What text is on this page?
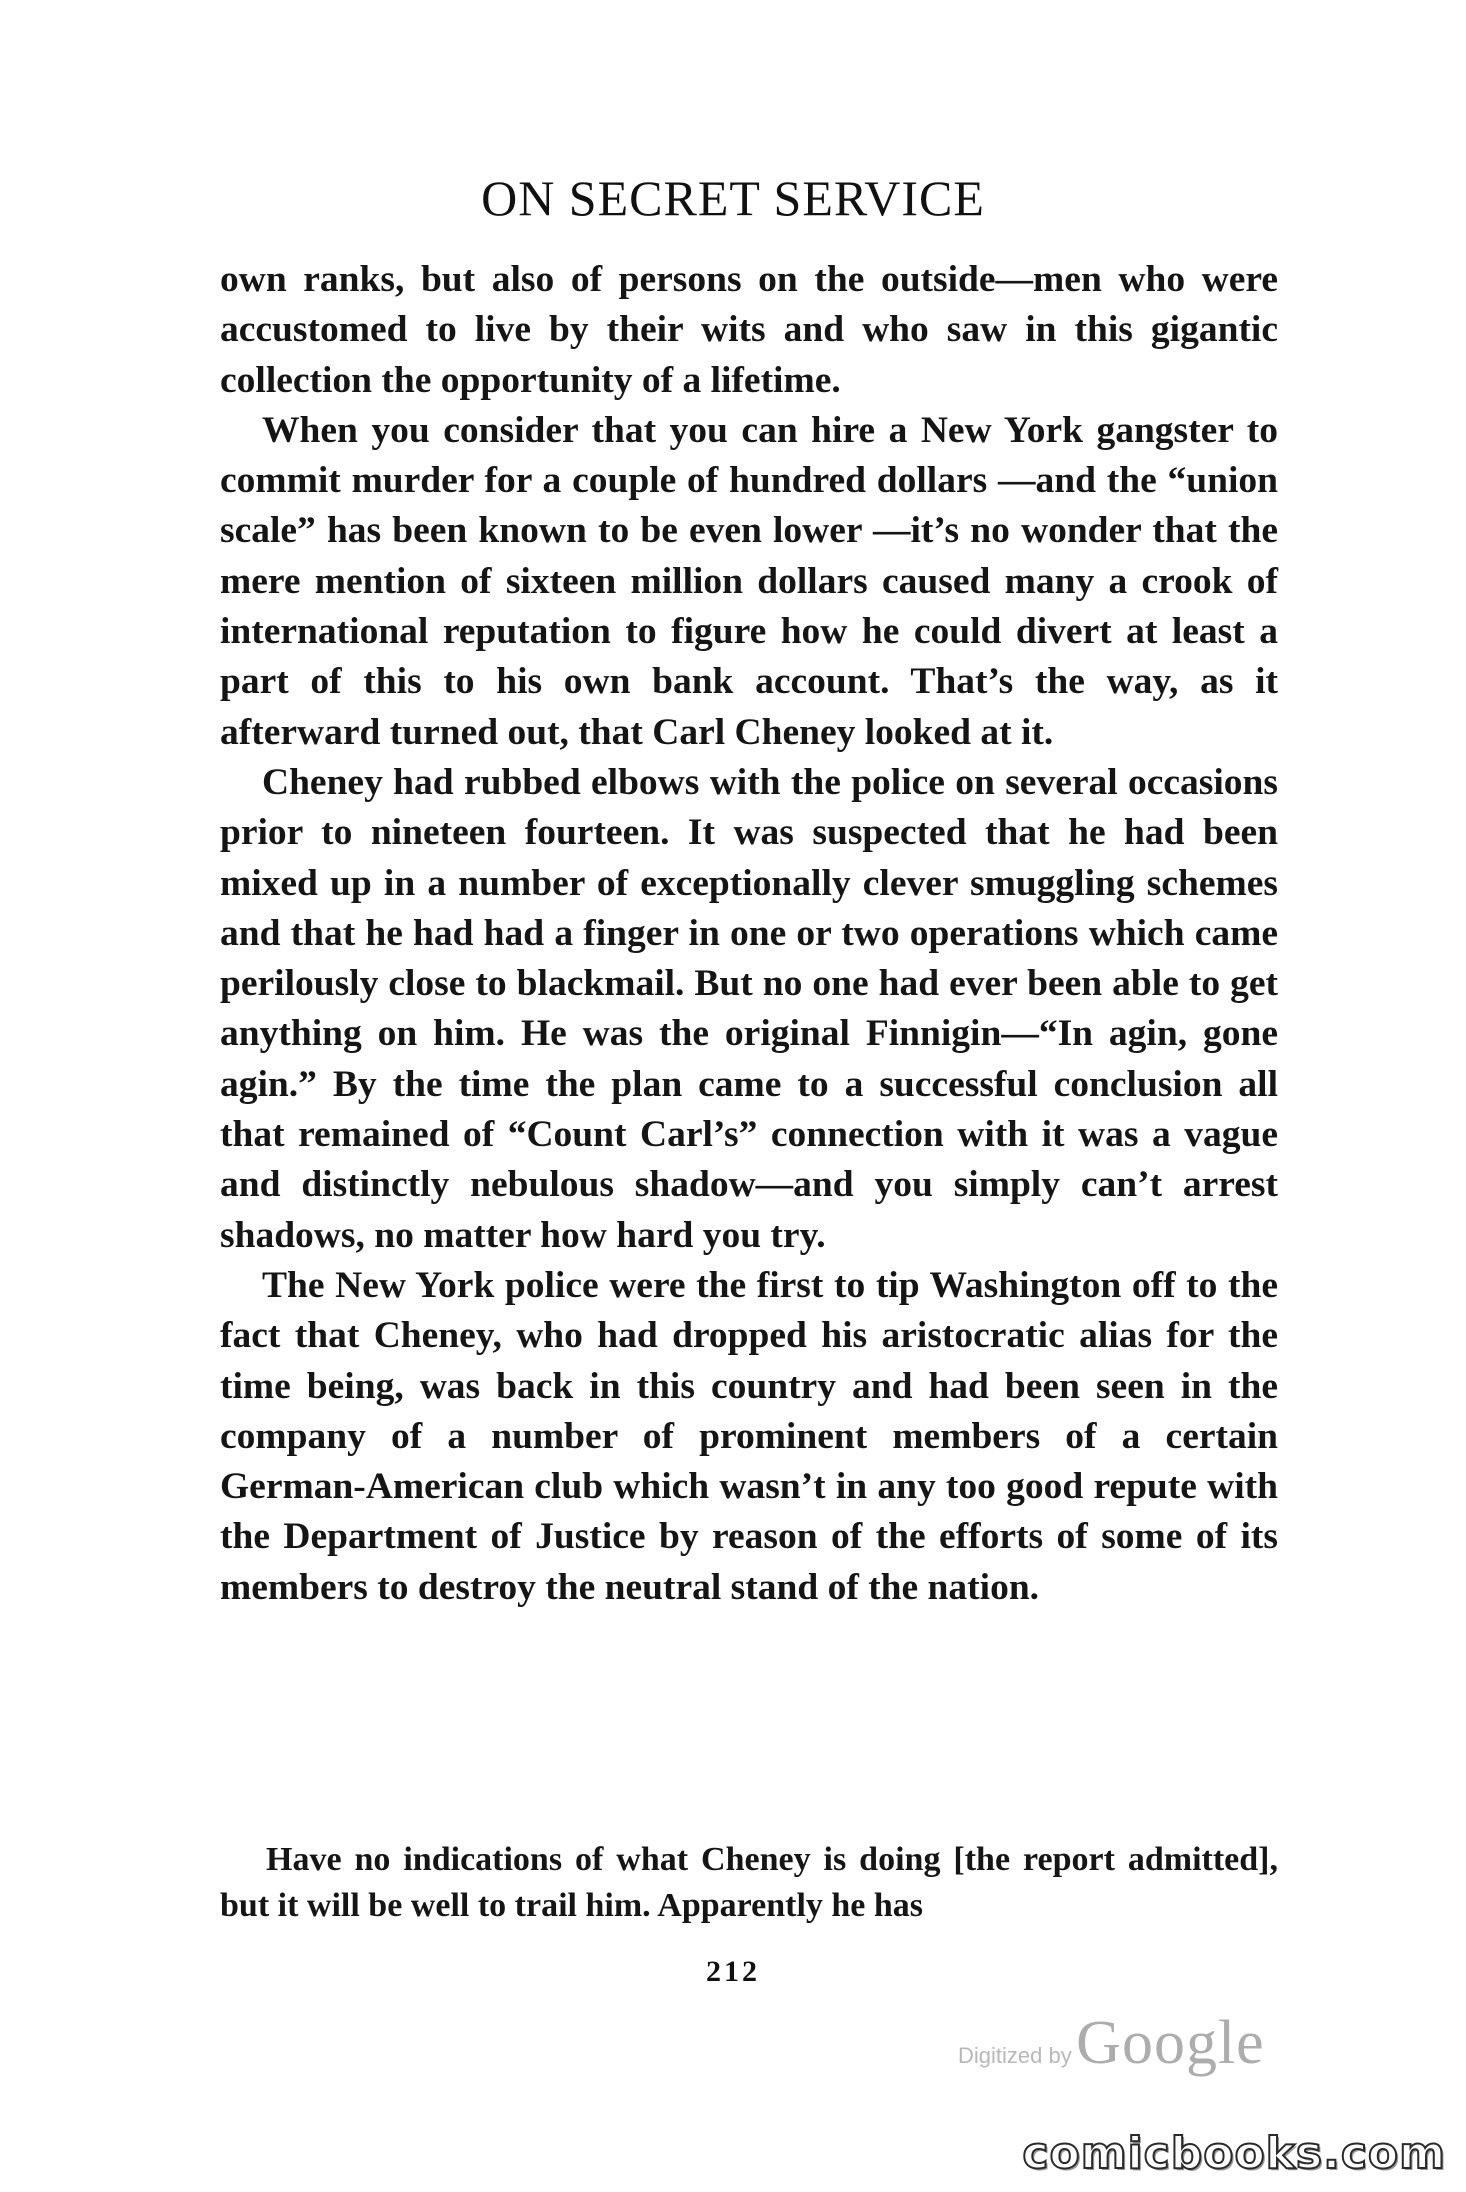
ON SECRET SERVICE

own ranks, but also of persons on the outside—men who were accustomed to live by their wits and who saw in this gigantic collection the opportunity of a lifetime.

When you consider that you can hire a New York gangster to commit murder for a couple of hundred dollars —and the “union scale” has been known to be even lower —it’s no wonder that the mere mention of sixteen million dollars caused many a crook of international reputation to figure how he could divert at least a part of this to his own bank account. That’s the way, as it afterward turned out, that Carl Cheney looked at it.

Cheney had rubbed elbows with the police on several occasions prior to nineteen fourteen. It was suspected that he had been mixed up in a number of exceptionally clever smuggling schemes and that he had had a finger in one or two operations which came perilously close to blackmail. But no one had ever been able to get anything on him. He was the original Finnigin—“In agin, gone agin.” By the time the plan came to a successful conclusion all that remained of “Count Carl’s” connection with it was a vague and distinctly nebulous shadow—and you simply can’t arrest shadows, no matter how hard you try.

The New York police were the first to tip Washington off to the fact that Cheney, who had dropped his aristocratic alias for the time being, was back in this country and had been seen in the company of a number of prominent members of a certain German-American club which wasn’t in any too good repute with the Department of Justice by reason of the efforts of some of its members to destroy the neutral stand of the nation.

Have no indications of what Cheney is doing [the report admitted], but it will be well to trail him. Apparently he has

212
Digitized by Google
comicbooks.com
